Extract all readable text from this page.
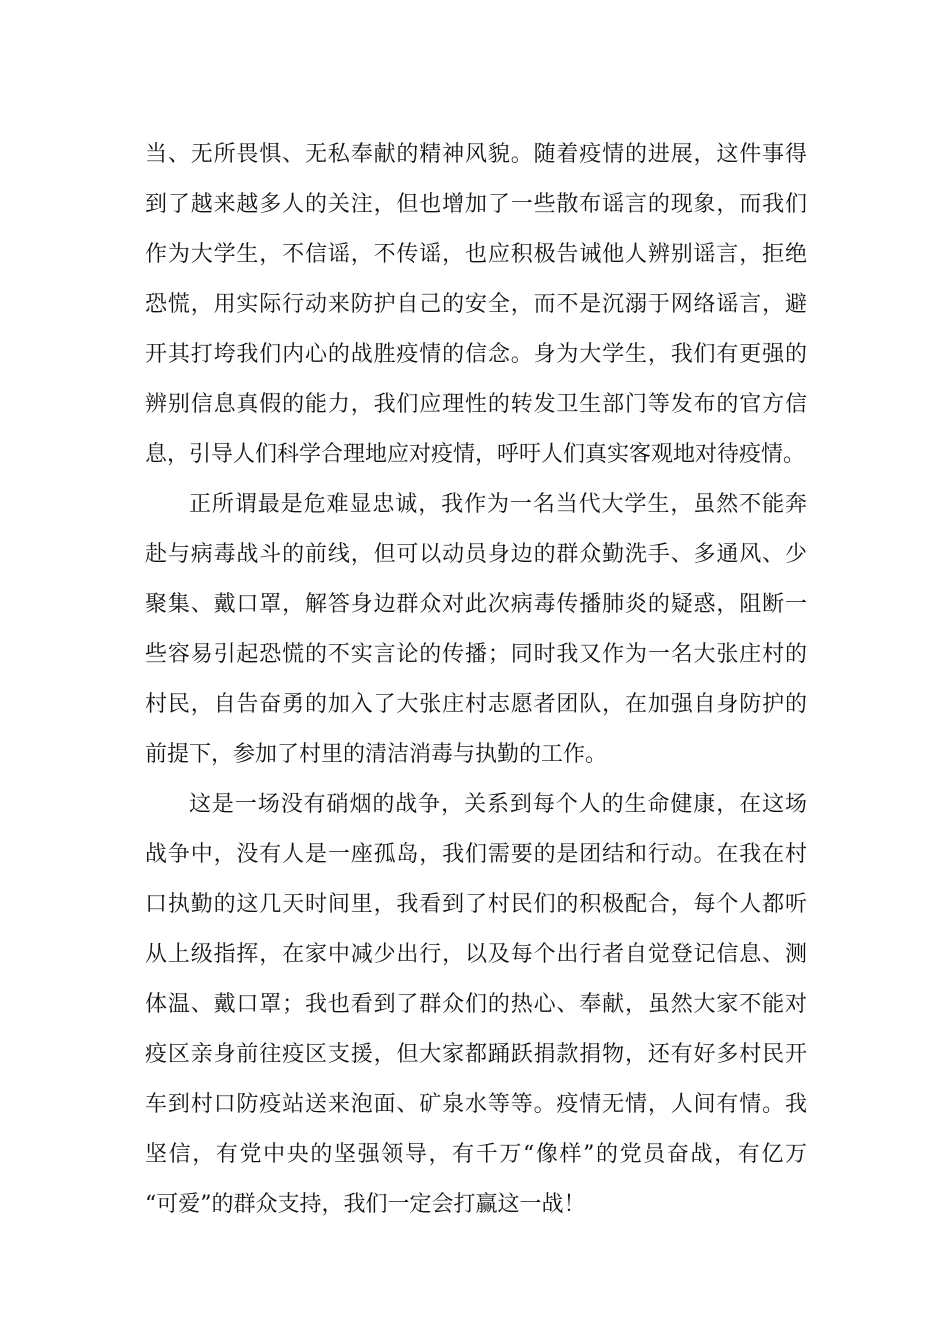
当、无所畏惧、无私奉献的精神风貌。随着疫情的进展，这件事得
到了越来越多人的关注，但也增加了一些散布谣言的现象，而我们
作为大学生，不信谣，不传谣，也应积极告诫他人辨别谣言，拒绝
恐慌，用实际行动来防护自己的安全，而不是沉溺于网络谣言，避
开其打垮我们内心的战胜疫情的信念。身为大学生，我们有更强的
辨别信息真假的能力，我们应理性的转发卫生部门等发布的官方信
息，引导人们科学合理地应对疫情，呼吁人们真实客观地对待疫情。
正所谓最是危难显忠诚，我作为一名当代大学生，虽然不能奔
赴与病毒战斗的前线，但可以动员身边的群众勤洗手、多通风、少
聚集、戴口罩，解答身边群众对此次病毒传播肺炎的疑惑，阻断一
些容易引起恐慌的不实言论的传播；同时我又作为一名大张庄村的
村民，自告奋勇的加入了大张庄村志愿者团队，在加强自身防护的
前提下，参加了村里的清洁消毒与执勤的工作。
这是一场没有硝烟的战争，关系到每个人的生命健康，在这场
战争中，没有人是一座孤岛，我们需要的是团结和行动。在我在村
口执勤的这几天时间里，我看到了村民们的积极配合，每个人都听
从上级指挥，在家中减少出行，以及每个出行者自觉登记信息、测
体温、戴口罩；我也看到了群众们的热心、奉献，虽然大家不能对
疫区亲身前往疫区支援，但大家都踊跃捐款捐物，还有好多村民开
车到村口防疫站送来泡面、矿泉水等等。疫情无情，人间有情。我
坚信，有党中央的坚强领导，有千万“像样”的党员奋战，有亿万
“可爱”的群众支持，我们一定会打赢这一战！
